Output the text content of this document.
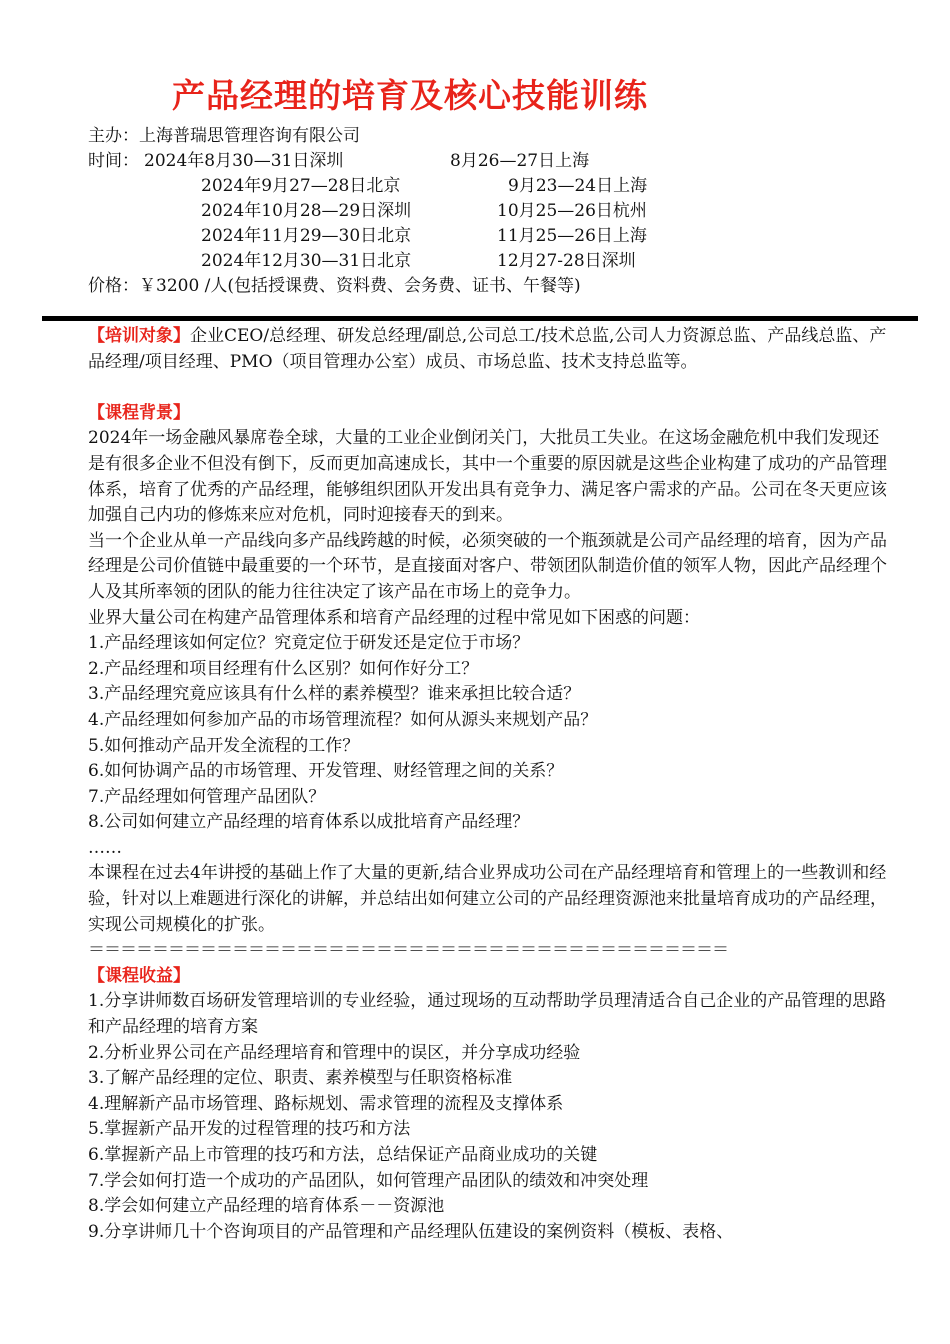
产品经理的培育及核心技能训练
主办：上海普瑞思管理咨询有限公司
时间： 2024年8月30—31日深圳	8月26—27日上海
2024年9月27—28日北京	9月23—24日上海
2024年10月28—29日深圳	10月25—26日杭州
2024年11月29—30日北京	11月25—26日上海
2024年12月30—31日北京	12月27-28日深圳
价格：￥3200 /人(包括授课费、资料费、会务费、证书、午餐等)

【培训对象】企业CEO/总经理、研发总经理/副总,公司总工/技术总监,公司人力资源总监、产品线总监、产品经理/项目经理、PMO（项目管理办公室）成员、市场总监、技术支持总监等。

【课程背景】

2024年一场金融风暴席卷全球，大量的工业企业倒闭关门，大批员工失业。在这场金融危机中我们发现还是有很多企业不但没有倒下，反而更加高速成长，其中一个重要的原因就是这些企业构建了成功的产品管理体系，培育了优秀的产品经理，能够组织团队开发出具有竞争力、满足客户需求的产品。公司在冬天更应该加强自己内功的修炼来应对危机，同时迎接春天的到来。

当一个企业从单一产品线向多产品线跨越的时候，必须突破的一个瓶颈就是公司产品经理的培育，因为产品经理是公司价值链中最重要的一个环节，是直接面对客户、带领团队制造价值的领军人物，因此产品经理个人及其所率领的团队的能力往往决定了该产品在市场上的竞争力。

业界大量公司在构建产品管理体系和培育产品经理的过程中常见如下困惑的问题：

1.产品经理该如何定位？究竟定位于研发还是定位于市场？

2.产品经理和项目经理有什么区别？如何作好分工？

3.产品经理究竟应该具有什么样的素养模型？谁来承担比较合适？

4.产品经理如何参加产品的市场管理流程？如何从源头来规划产品？

5.如何推动产品开发全流程的工作？

6.如何协调产品的市场管理、开发管理、财经管理之间的关系？

7.产品经理如何管理产品团队？

8.公司如何建立产品经理的培育体系以成批培育产品经理？

……

本课程在过去4年讲授的基础上作了大量的更新,结合业界成功公司在产品经理培育和管理上的一些教训和经验，针对以上难题进行深化的讲解，并总结出如何建立公司的产品经理资源池来批量培育成功的产品经理，实现公司规模化的扩张。

＝＝＝＝＝＝＝＝＝＝＝＝＝＝＝＝＝＝＝＝＝＝＝＝＝＝＝＝＝＝＝＝＝＝＝＝＝＝＝＝

【课程收益】

1.分享讲师数百场研发管理培训的专业经验，通过现场的互动帮助学员理清适合自己企业的产品管理的思路和产品经理的培育方案

2.分析业界公司在产品经理培育和管理中的误区，并分享成功经验

3.了解产品经理的定位、职责、素养模型与任职资格标准

4.理解新产品市场管理、路标规划、需求管理的流程及支撑体系

5.掌握新产品开发的过程管理的技巧和方法

6.掌握新产品上市管理的技巧和方法，总结保证产品商业成功的关键

7.学会如何打造一个成功的产品团队，如何管理产品团队的绩效和冲突处理

8.学会如何建立产品经理的培育体系－－资源池

9.分享讲师几十个咨询项目的产品管理和产品经理队伍建设的案例资料（模板、表格、
